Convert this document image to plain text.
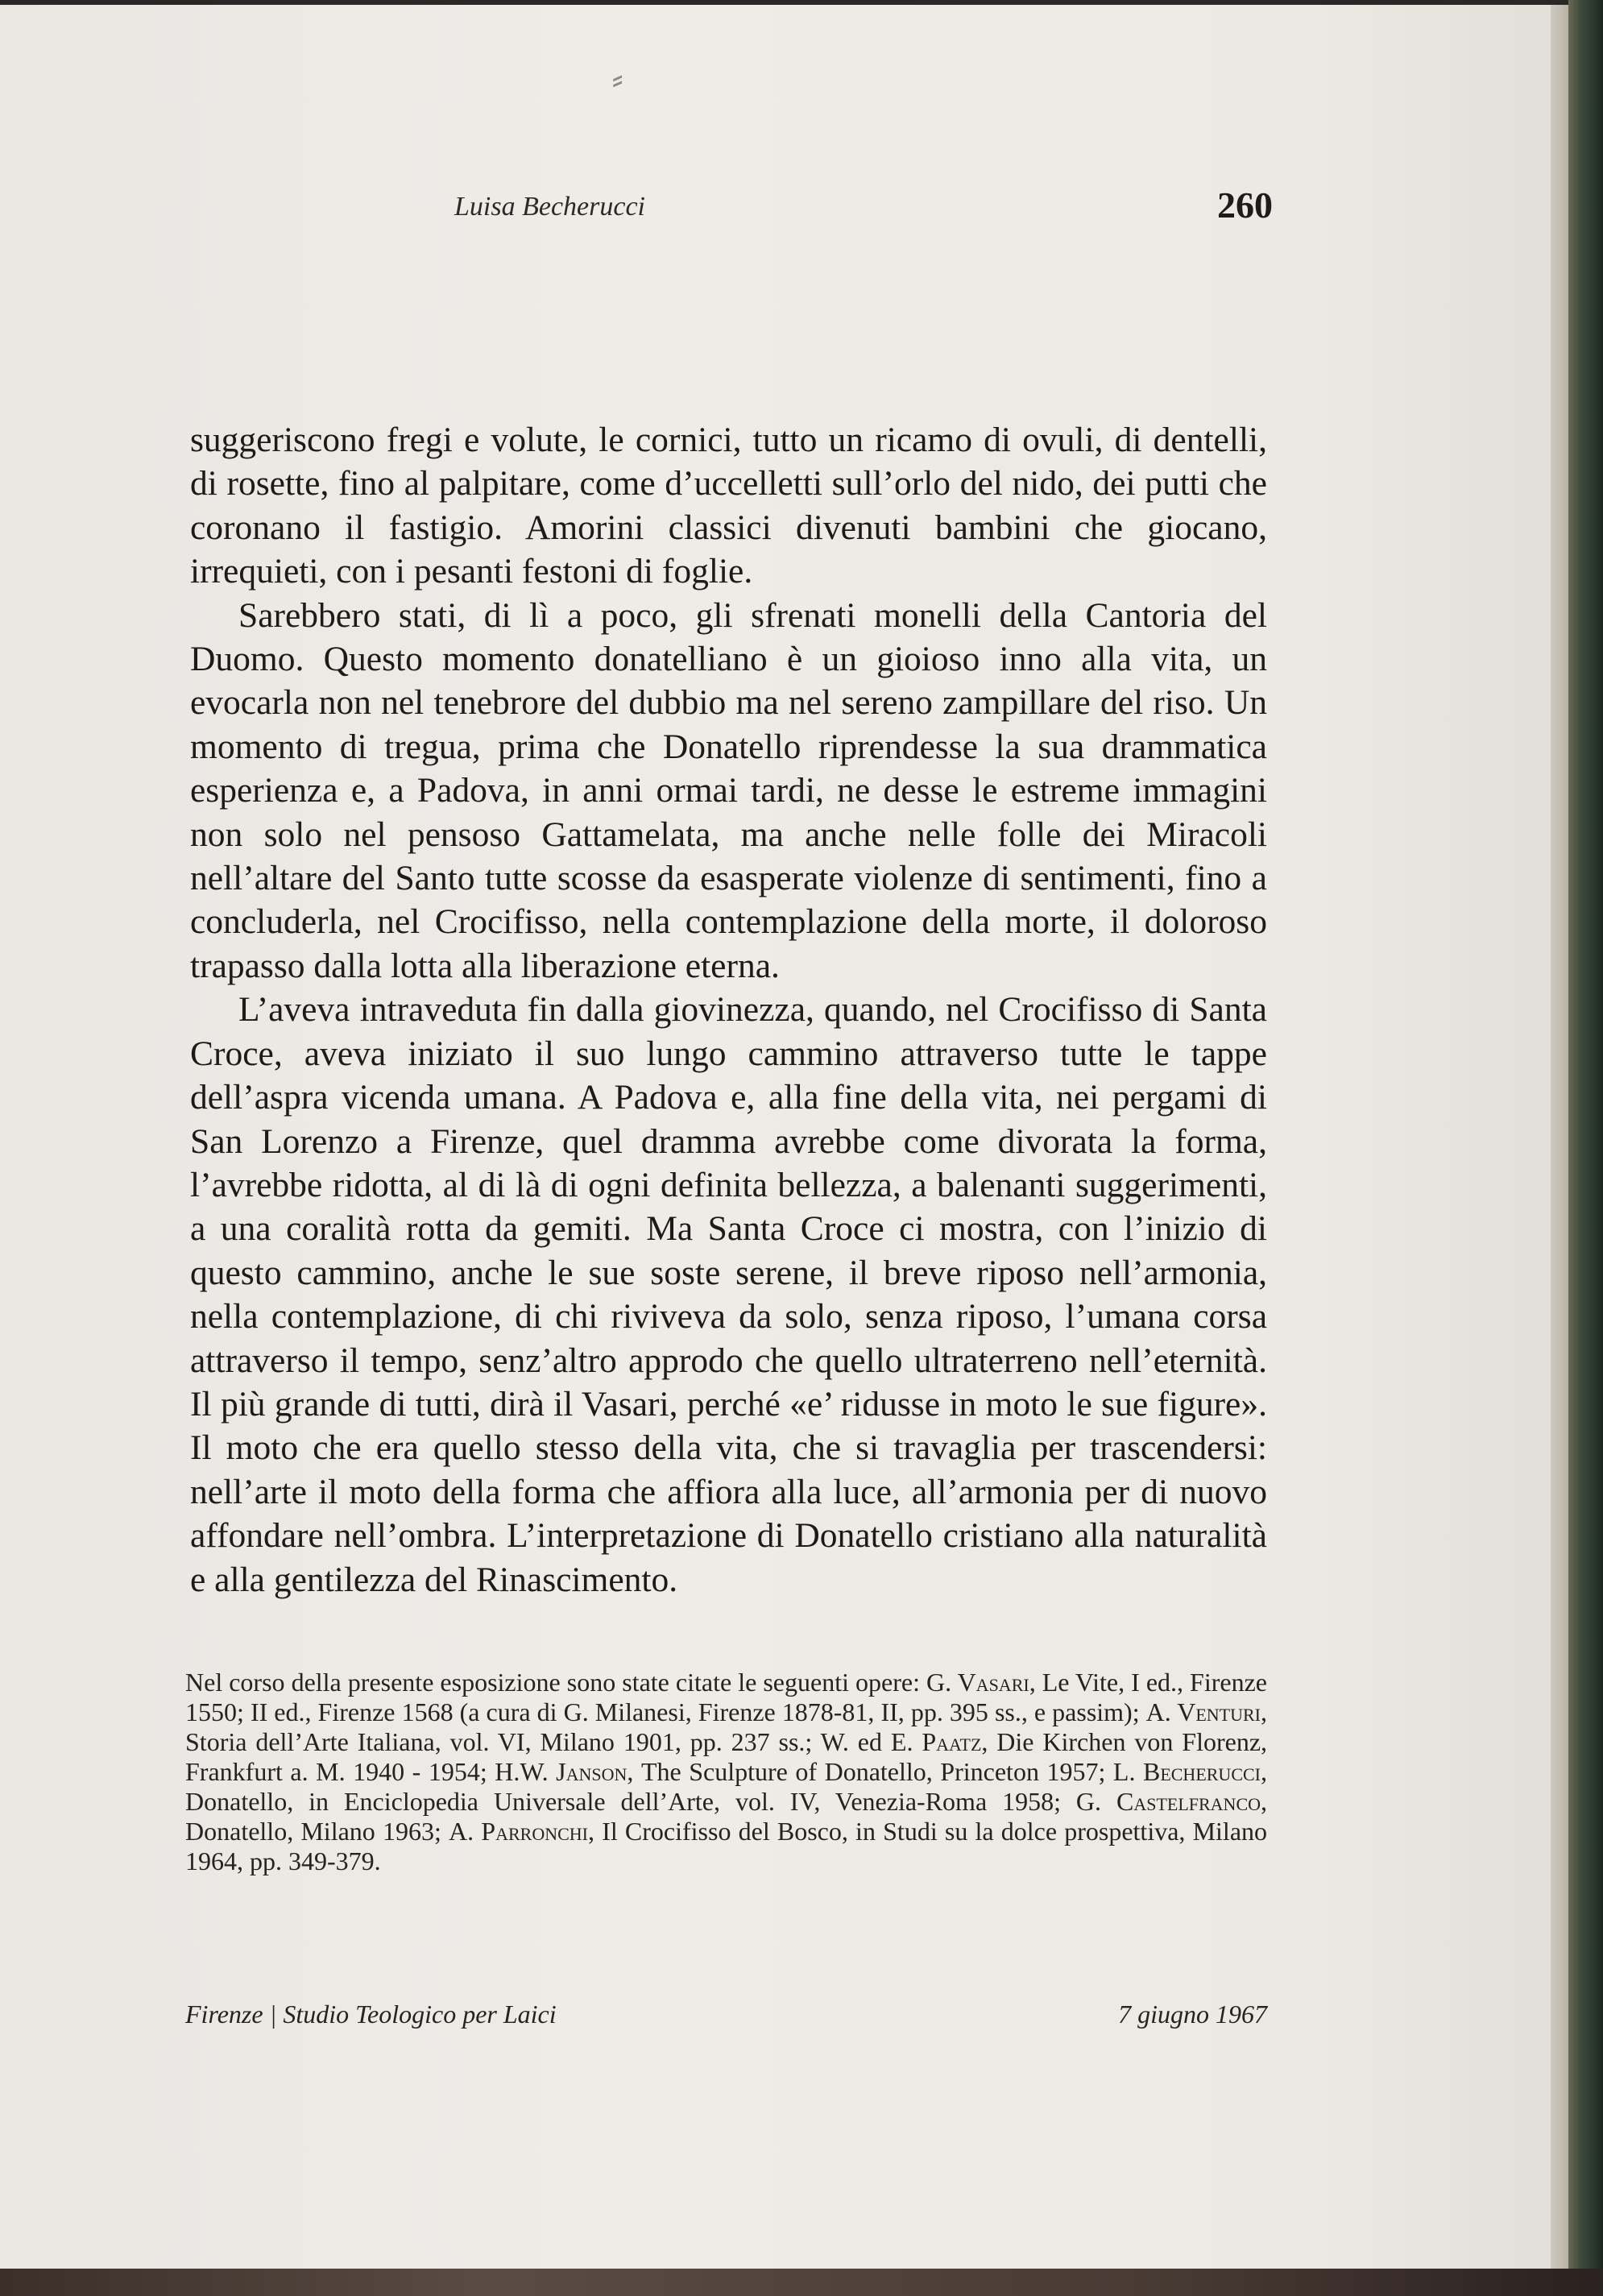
⸗
Luisa Becherucci	260

suggeriscono fregi e volute, le cornici, tutto un ricamo di ovuli, di dentelli, di rosette, fino al palpitare, come d’uccelletti sull’orlo del nido, dei putti che coronano il fastigio. Amorini classici divenuti bambini che giocano, irrequieti, con i pesanti festoni di foglie.

Sarebbero stati, di lì a poco, gli sfrenati monelli della Cantoria del Duomo. Questo momento donatelliano è un gioioso inno alla vita, un evocarla non nel tenebrore del dubbio ma nel sereno zampillare del riso. Un momento di tregua, prima che Donatello riprendesse la sua drammatica esperienza e, a Padova, in anni ormai tardi, ne desse le estreme immagini non solo nel pensoso Gattamelata, ma anche nelle folle dei Miracoli nell’altare del Santo tutte scosse da esasperate violenze di sentimenti, fino a concluderla, nel Crocifisso, nella contemplazione della morte, il doloroso trapasso dalla lotta alla liberazione eterna.

L’aveva intraveduta fin dalla giovinezza, quando, nel Crocifisso di Santa Croce, aveva iniziato il suo lungo cammino attraverso tutte le tappe dell’aspra vicenda umana. A Padova e, alla fine della vita, nei pergami di San Lorenzo a Firenze, quel dramma avrebbe come divorata la forma, l’avrebbe ridotta, al di là di ogni definita bellezza, a balenanti suggerimenti, a una coralità rotta da gemiti. Ma Santa Croce ci mostra, con l’inizio di questo cammino, anche le sue soste serene, il breve riposo nell’armonia, nella contemplazione, di chi riviveva da solo, senza riposo, l’umana corsa attraverso il tempo, senz’altro approdo che quello ultraterreno nell’eternità. Il più grande di tutti, dirà il Vasari, perché «e’ ridusse in moto le sue figure». Il moto che era quello stesso della vita, che si travaglia per trascendersi: nell’arte il moto della forma che affiora alla luce, all’armonia per di nuovo affondare nell’ombra. L’interpretazione di Donatello cristiano alla naturalità e alla gentilezza del Rinascimento.

Nel corso della presente esposizione sono state citate le seguenti opere: G. Vasari, Le Vite, I ed., Firenze 1550; II ed., Firenze 1568 (a cura di G. Milanesi, Firenze 1878-81, II, pp. 395 ss., e passim); A. Venturi, Storia dell’Arte Italiana, vol. VI, Milano 1901, pp. 237 ss.; W. ed E. Paatz, Die Kirchen von Florenz, Frankfurt a. M. 1940 - 1954; H.W. Janson, The Sculpture of Donatello, Princeton 1957; L. Becherucci, Donatello, in Enciclopedia Universale dell’Arte, vol. IV, Venezia-Roma 1958; G. Castelfranco, Donatello, Milano 1963; A. Parronchi, Il Crocifisso del Bosco, in Studi su la dolce prospettiva, Milano 1964, pp. 349-379.

Firenze | Studio Teologico per Laici	7 giugno 1967
